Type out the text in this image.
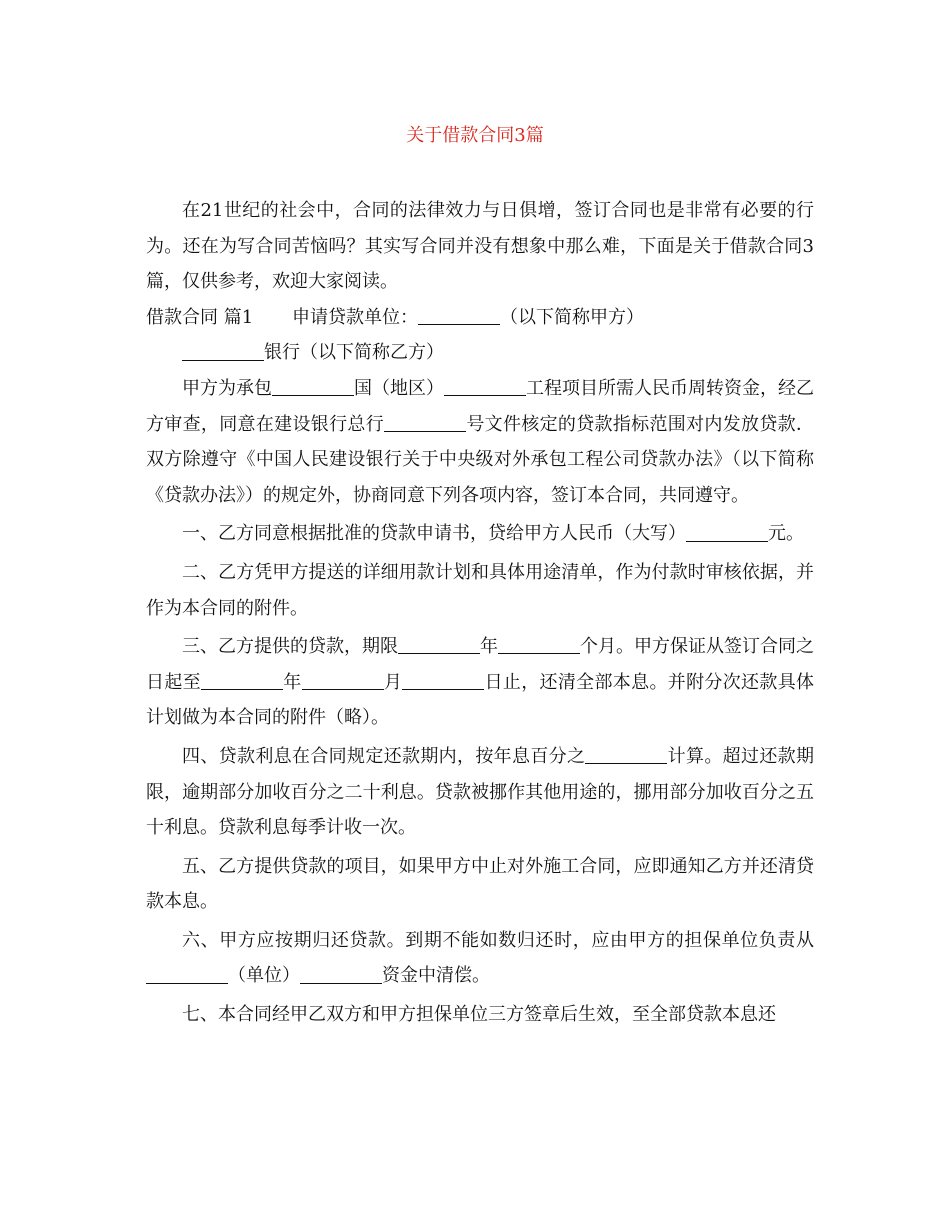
关于借款合同3篇

在21世纪的社会中，合同的法律效力与日俱增，签订合同也是非常有必要的行为。还在为写合同苦恼吗？其实写合同并没有想象中那么难，下面是关于借款合同3篇，仅供参考，欢迎大家阅读。

借款合同 篇1	申请贷款单位：	（以下简称甲方）

银行（以下简称乙方）

甲方为承包	国（地区）	工程项目所需人民币周转资金，经乙方审查，同意在建设银行总行	号文件核定的贷款指标范围对内发放贷款．双方除遵守《中国人民建设银行关于中央级对外承包工程公司贷款办法》（以下简称《贷款办法》）的规定外，协商同意下列各项内容，签订本合同，共同遵守。

一、乙方同意根据批准的贷款申请书，贷给甲方人民币（大写）	元。

二、乙方凭甲方提送的详细用款计划和具体用途清单，作为付款时审核依据，并作为本合同的附件。

三、乙方提供的贷款，期限	年	个月。甲方保证从签订合同之日起至	年	月	日止，还清全部本息。并附分次还款具体计划做为本合同的附件（略）。

四、贷款利息在合同规定还款期内，按年息百分之	计算。超过还款期限，逾期部分加收百分之二十利息。贷款被挪作其他用途的，挪用部分加收百分之五十利息。贷款利息每季计收一次。

五、乙方提供贷款的项目，如果甲方中止对外施工合同，应即通知乙方并还清贷款本息。

六、甲方应按期归还贷款。到期不能如数归还时，应由甲方的担保单位负责从（单位）	资金中清偿。

七、本合同经甲乙双方和甲方担保单位三方签章后生效，至全部贷款本息还
